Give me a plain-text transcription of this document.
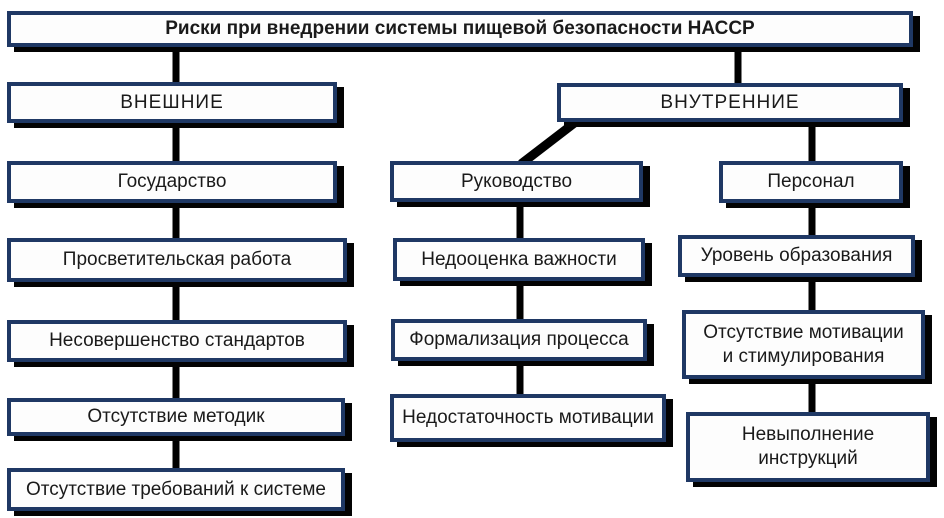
Риски при внедрении системы пищевой безопасности НАССР
ВНЕШНИЕ
Государство
Просветительская работа
Несовершенство стандартов
Отсутствие методик
Отсутствие требований к системе
ВНУТРЕННИЕ
Руководство
Недооценка важности
Формализация процесса
Недостаточность мотивации
Персонал
Уровень образования
Отсутствие мотивации
и стимулирования
Невыполнение
инструкций
